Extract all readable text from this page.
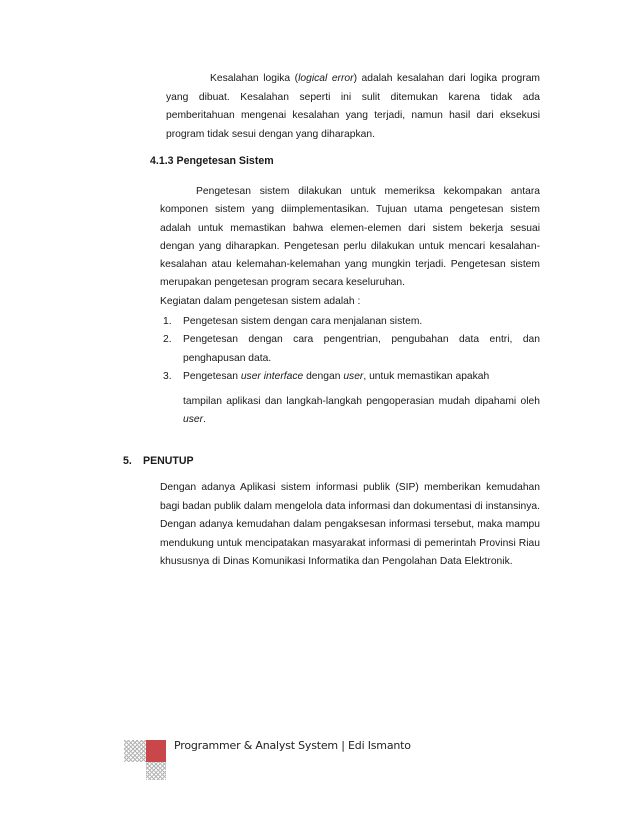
Kesalahan logika (logical error) adalah kesalahan dari logika program yang dibuat. Kesalahan seperti ini sulit ditemukan karena tidak ada pemberitahuan mengenai kesalahan yang terjadi, namun hasil dari eksekusi program tidak sesui dengan yang diharapkan.

4.1.3 Pengetesan Sistem

Pengetesan sistem dilakukan untuk memeriksa kekompakan antara komponen sistem yang diimplementasikan. Tujuan utama pengetesan sistem adalah untuk memastikan bahwa elemen-elemen dari sistem bekerja sesuai dengan yang diharapkan. Pengetesan perlu dilakukan untuk mencari kesalahan-kesalahan atau kelemahan-kelemahan yang mungkin terjadi. Pengetesan sistem merupakan pengetesan program secara keseluruhan.

Kegiatan dalam pengetesan sistem adalah :

1. Pengetesan sistem dengan cara menjalanan sistem.
2. Pengetesan dengan cara pengentrian, pengubahan data entri, dan penghapusan data.
3. Pengetesan user interface dengan user, untuk memastikan apakah
tampilan aplikasi dan langkah-langkah pengoperasian mudah dipahami oleh user.
5. PENUTUP

Dengan adanya Aplikasi sistem informasi publik (SIP) memberikan kemudahan bagi badan publik dalam mengelola data informasi dan dokumentasi di instansinya. Dengan adanya kemudahan dalam pengaksesan informasi tersebut, maka mampu mendukung untuk mencipatakan masyarakat informasi di pemerintah Provinsi Riau khususnya di Dinas Komunikasi Informatika dan Pengolahan Data Elektronik.

Programmer & Analyst System | Edi Ismanto
